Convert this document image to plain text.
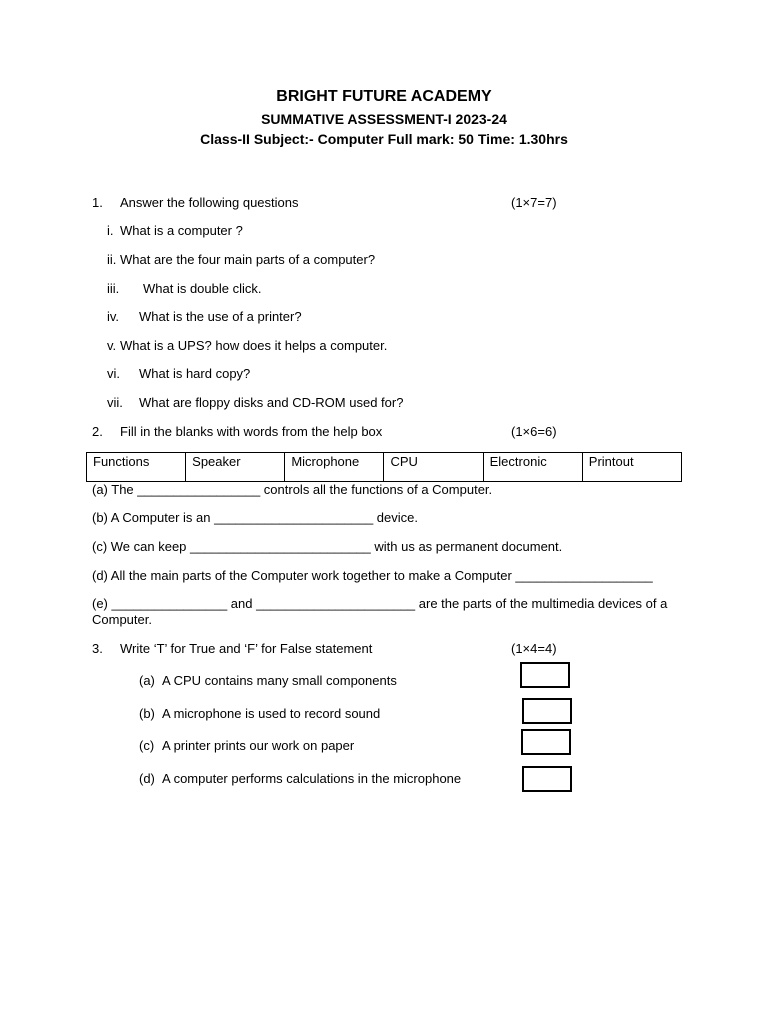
BRIGHT FUTURE ACADEMY
SUMMATIVE ASSESSMENT-I 2023-24
Class-II Subject:- Computer Full mark: 50 Time: 1.30hrs
1. Answer the following questions	(1×7=7)
i. What is a computer ?
ii. What are the four main parts of a computer?
iii. What is double click.
iv. What is the use of a printer?
v. What is a UPS? how does it helps a computer.
vi. What is hard copy?
vii. What are floppy disks and CD-ROM used for?
2. Fill in the blanks with words from the help box	(1×6=6)
Functions	Speaker	Microphone	CPU	Electronic	Printout
(a) The _________________ controls all the functions of a Computer.
(b) A Computer is an ______________________ device.
(c) We can keep _________________________ with us as permanent document.
(d) All the main parts of the Computer work together to make a Computer ___________________
(e) ________________ and ______________________ are the parts of the multimedia devices of a
Computer.
3. Write ‘T’ for True and ‘F’ for False statement	(1×4=4)
(a) A CPU contains many small components
(b) A microphone is used to record sound
(c) A printer prints our work on paper
(d) A computer performs calculations in the microphone
